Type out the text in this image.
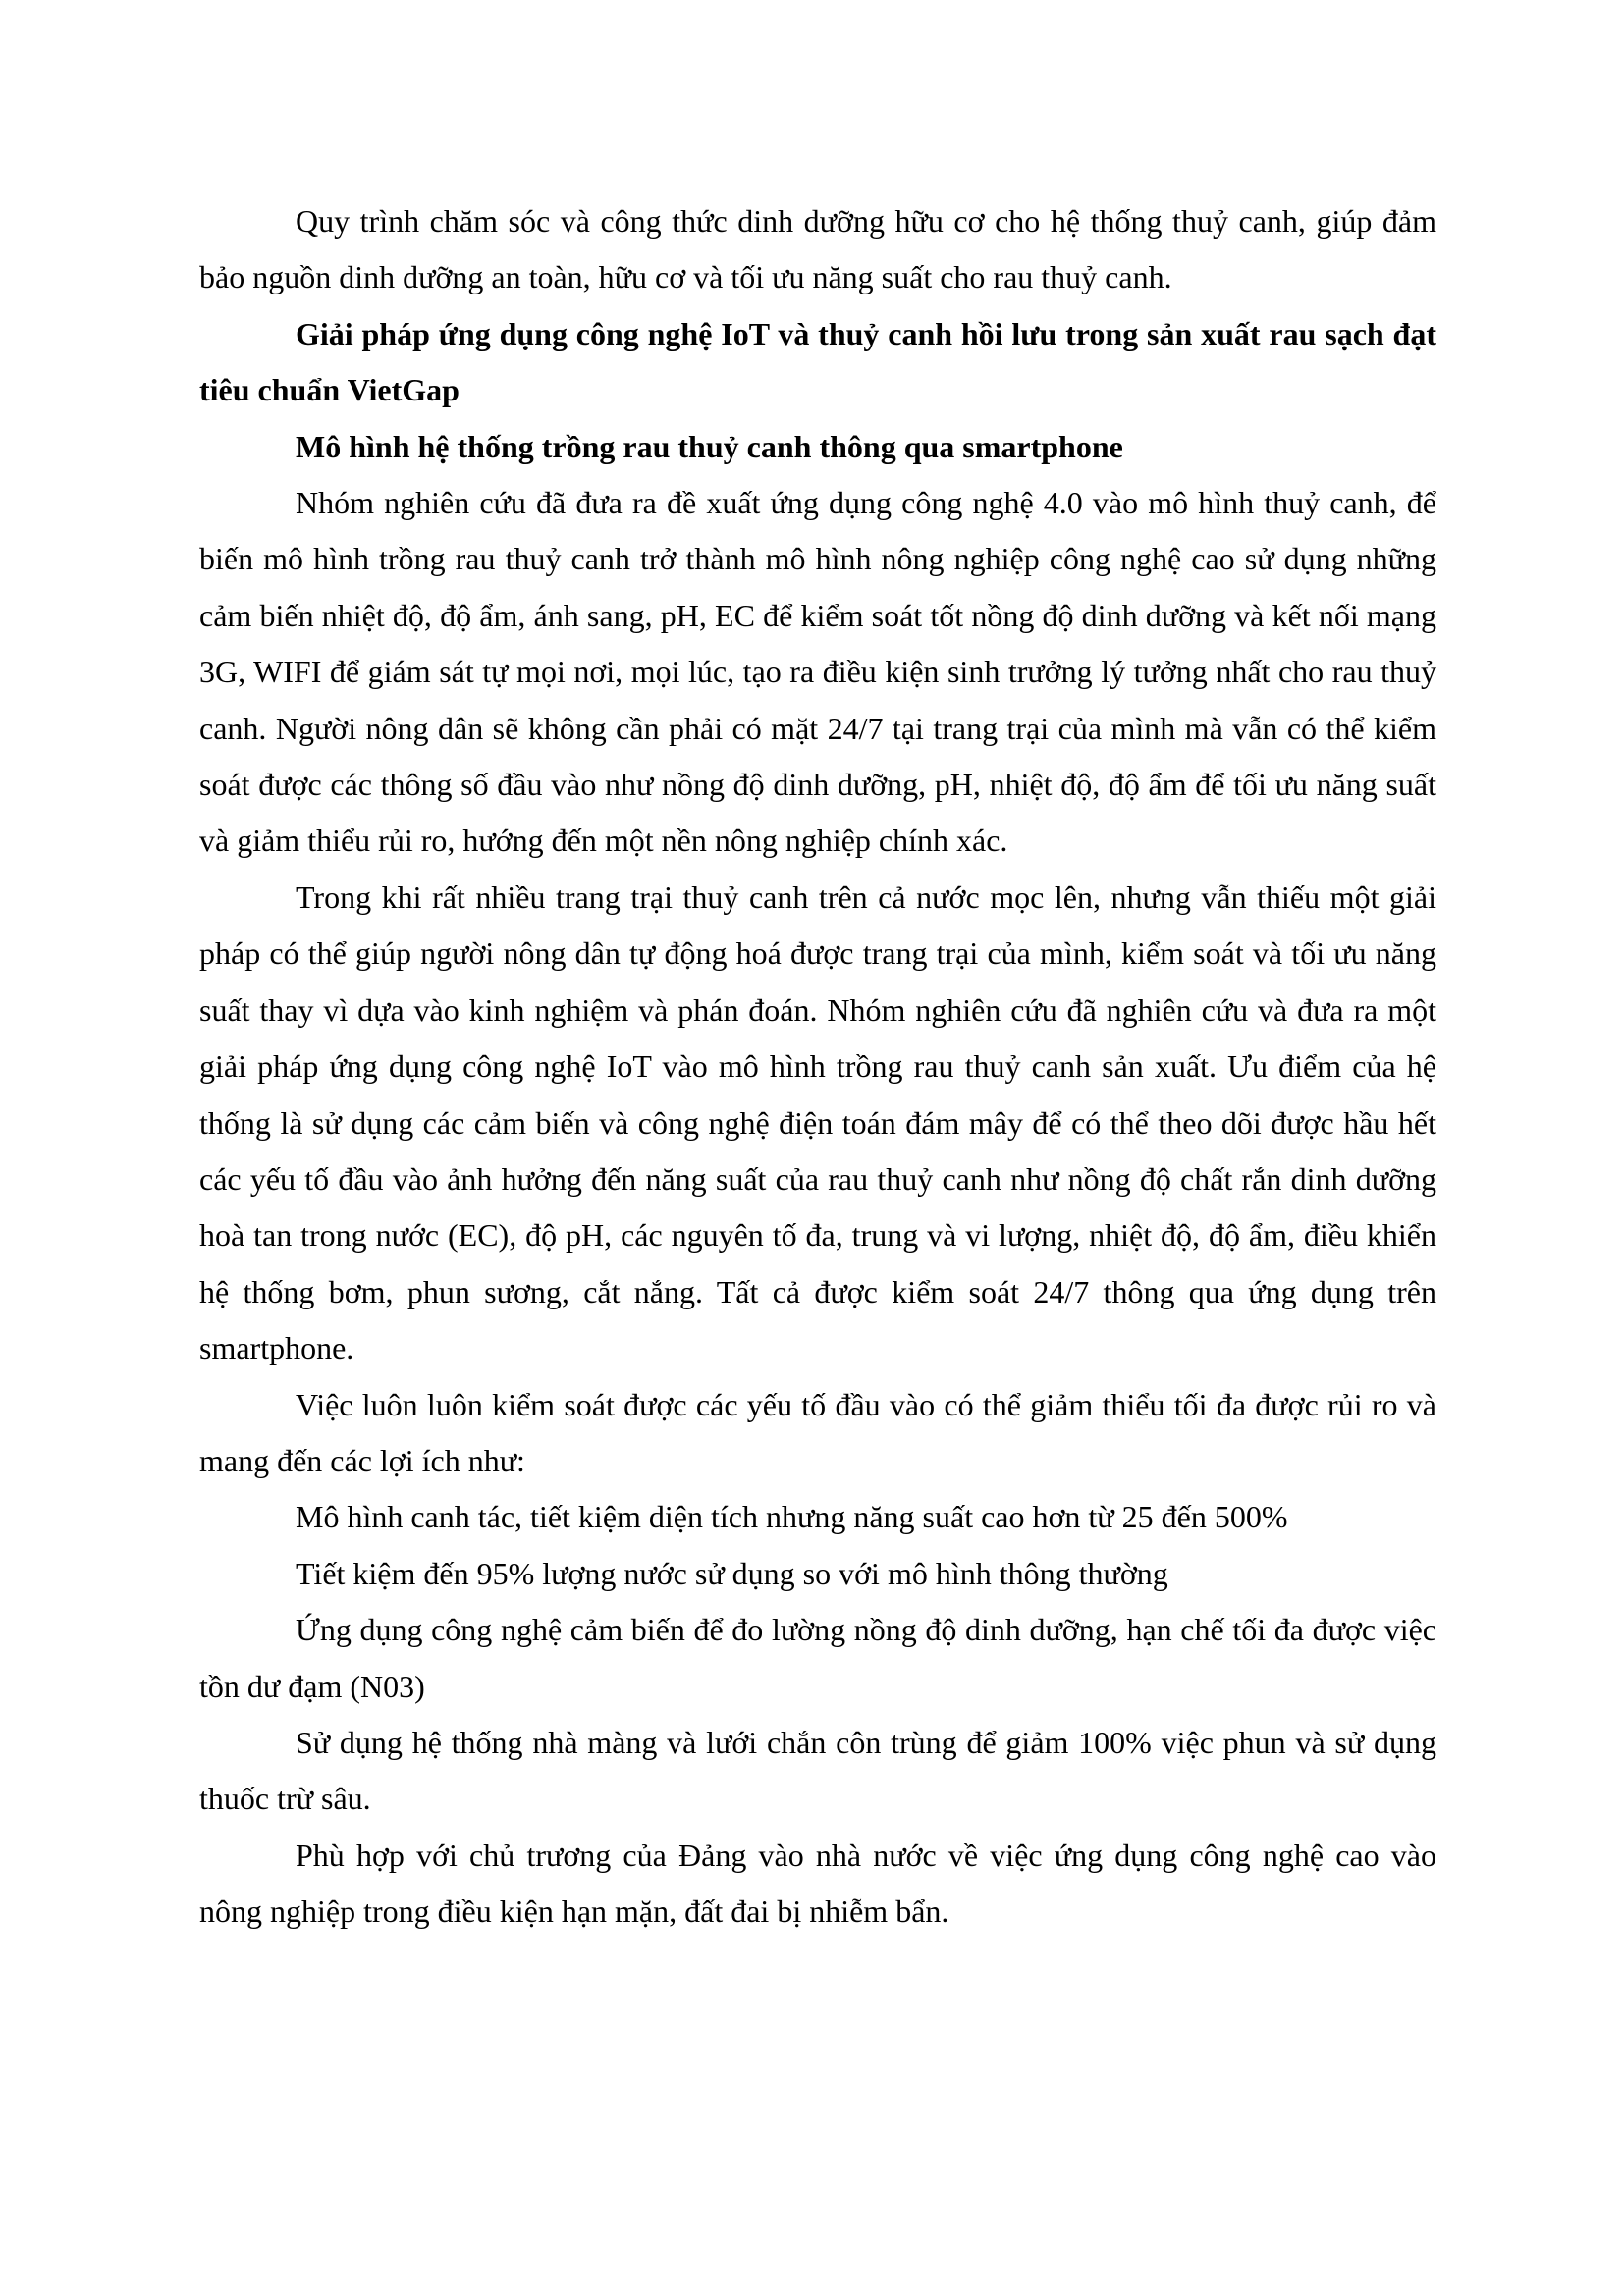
Quy trình chăm sóc và công thức dinh dưỡng hữu cơ cho hệ thống thuỷ canh, giúp đảm bảo nguồn dinh dưỡng an toàn, hữu cơ và tối ưu năng suất cho rau thuỷ canh.

Giải pháp ứng dụng công nghệ IoT và thuỷ canh hồi lưu trong sản xuất rau sạch đạt tiêu chuẩn VietGap

Mô hình hệ thống trồng rau thuỷ canh thông qua smartphone

Nhóm nghiên cứu đã đưa ra đề xuất ứng dụng công nghệ 4.0 vào mô hình thuỷ canh, để biến mô hình trồng rau thuỷ canh trở thành mô hình nông nghiệp công nghệ cao sử dụng những cảm biến nhiệt độ, độ ẩm, ánh sang, pH, EC để kiểm soát tốt nồng độ dinh dưỡng và kết nối mạng 3G, WIFI để giám sát tự mọi nơi, mọi lúc, tạo ra điều kiện sinh trưởng lý tưởng nhất cho rau thuỷ canh. Người nông dân sẽ không cần phải có mặt 24/7 tại trang trại của mình mà vẫn có thể kiểm soát được các thông số đầu vào như nồng độ dinh dưỡng, pH, nhiệt độ, độ ẩm để tối ưu năng suất và giảm thiểu rủi ro, hướng đến một nền nông nghiệp chính xác.

Trong khi rất nhiều trang trại thuỷ canh trên cả nước mọc lên, nhưng vẫn thiếu một giải pháp có thể giúp người nông dân tự động hoá được trang trại của mình, kiểm soát và tối ưu năng suất thay vì dựa vào kinh nghiệm và phán đoán. Nhóm nghiên cứu đã nghiên cứu và đưa ra một giải pháp ứng dụng công nghệ IoT vào mô hình trồng rau thuỷ canh sản xuất. Ưu điểm của hệ thống là sử dụng các cảm biến và công nghệ điện toán đám mây để có thể theo dõi được hầu hết các yếu tố đầu vào ảnh hưởng đến năng suất của rau thuỷ canh như nồng độ chất rắn dinh dưỡng hoà tan trong nước (EC), độ pH, các nguyên tố đa, trung và vi lượng, nhiệt độ, độ ẩm, điều khiển hệ thống bơm, phun sương, cắt nắng. Tất cả được kiểm soát 24/7 thông qua ứng dụng trên smartphone.

Việc luôn luôn kiểm soát được các yếu tố đầu vào có thể giảm thiểu tối đa được rủi ro và mang đến các lợi ích như:

Mô hình canh tác, tiết kiệm diện tích nhưng năng suất cao hơn từ 25 đến 500%

Tiết kiệm đến 95% lượng nước sử dụng so với mô hình thông thường

Ứng dụng công nghệ cảm biến để đo lường nồng độ dinh dưỡng, hạn chế tối đa được việc tồn dư đạm (N03)

Sử dụng hệ thống nhà màng và lưới chắn côn trùng để giảm 100% việc phun và sử dụng thuốc trừ sâu.

Phù hợp với chủ trương của Đảng vào nhà nước về việc ứng dụng công nghệ cao vào nông nghiệp trong điều kiện hạn mặn, đất đai bị nhiễm bẩn.
